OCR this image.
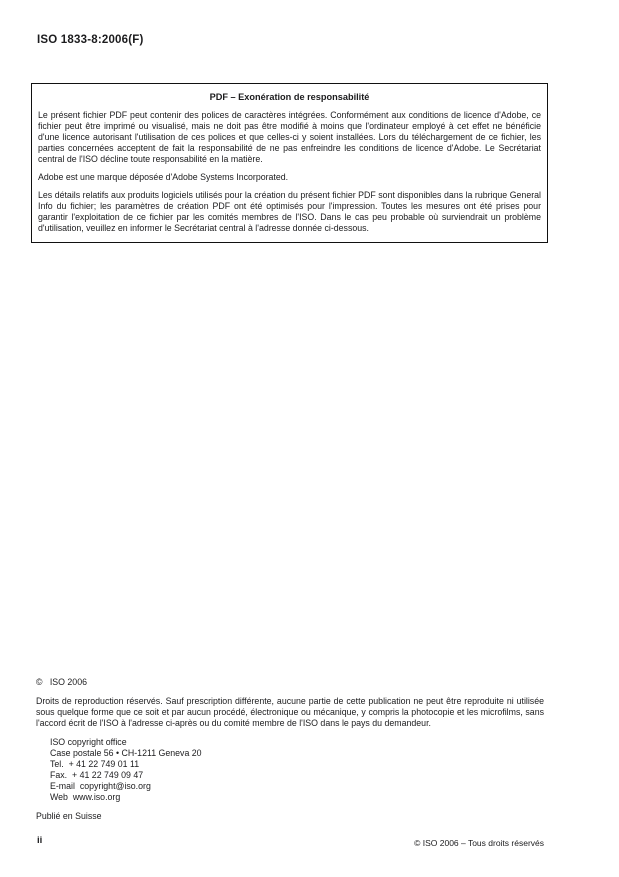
ISO 1833-8:2006(F)

PDF – Exonération de responsabilité

Le présent fichier PDF peut contenir des polices de caractères intégrées. Conformément aux conditions de licence d'Adobe, ce fichier peut être imprimé ou visualisé, mais ne doit pas être modifié à moins que l'ordinateur employé à cet effet ne bénéficie d'une licence autorisant l'utilisation de ces polices et que celles-ci y soient installées. Lors du téléchargement de ce fichier, les parties concernées acceptent de fait la responsabilité de ne pas enfreindre les conditions de licence d'Adobe. Le Secrétariat central de l'ISO décline toute responsabilité en la matière.

Adobe est une marque déposée d'Adobe Systems Incorporated.

Les détails relatifs aux produits logiciels utilisés pour la création du présent fichier PDF sont disponibles dans la rubrique General Info du fichier; les paramètres de création PDF ont été optimisés pour l'impression. Toutes les mesures ont été prises pour garantir l'exploitation de ce fichier par les comités membres de l'ISO. Dans le cas peu probable où surviendrait un problème d'utilisation, veuillez en informer le Secrétariat central à l'adresse donnée ci-dessous.

©   ISO 2006

Droits de reproduction réservés. Sauf prescription différente, aucune partie de cette publication ne peut être reproduite ni utilisée sous quelque forme que ce soit et par aucun procédé, électronique ou mécanique, y compris la photocopie et les microfilms, sans l'accord écrit de l'ISO à l'adresse ci-après ou du comité membre de l'ISO dans le pays du demandeur.

ISO copyright office
Case postale 56 • CH-1211 Geneva 20
Tel.  + 41 22 749 01 11
Fax.  + 41 22 749 09 47
E-mail  copyright@iso.org
Web  www.iso.org

Publié en Suisse

ii	© ISO 2006 – Tous droits réservés
